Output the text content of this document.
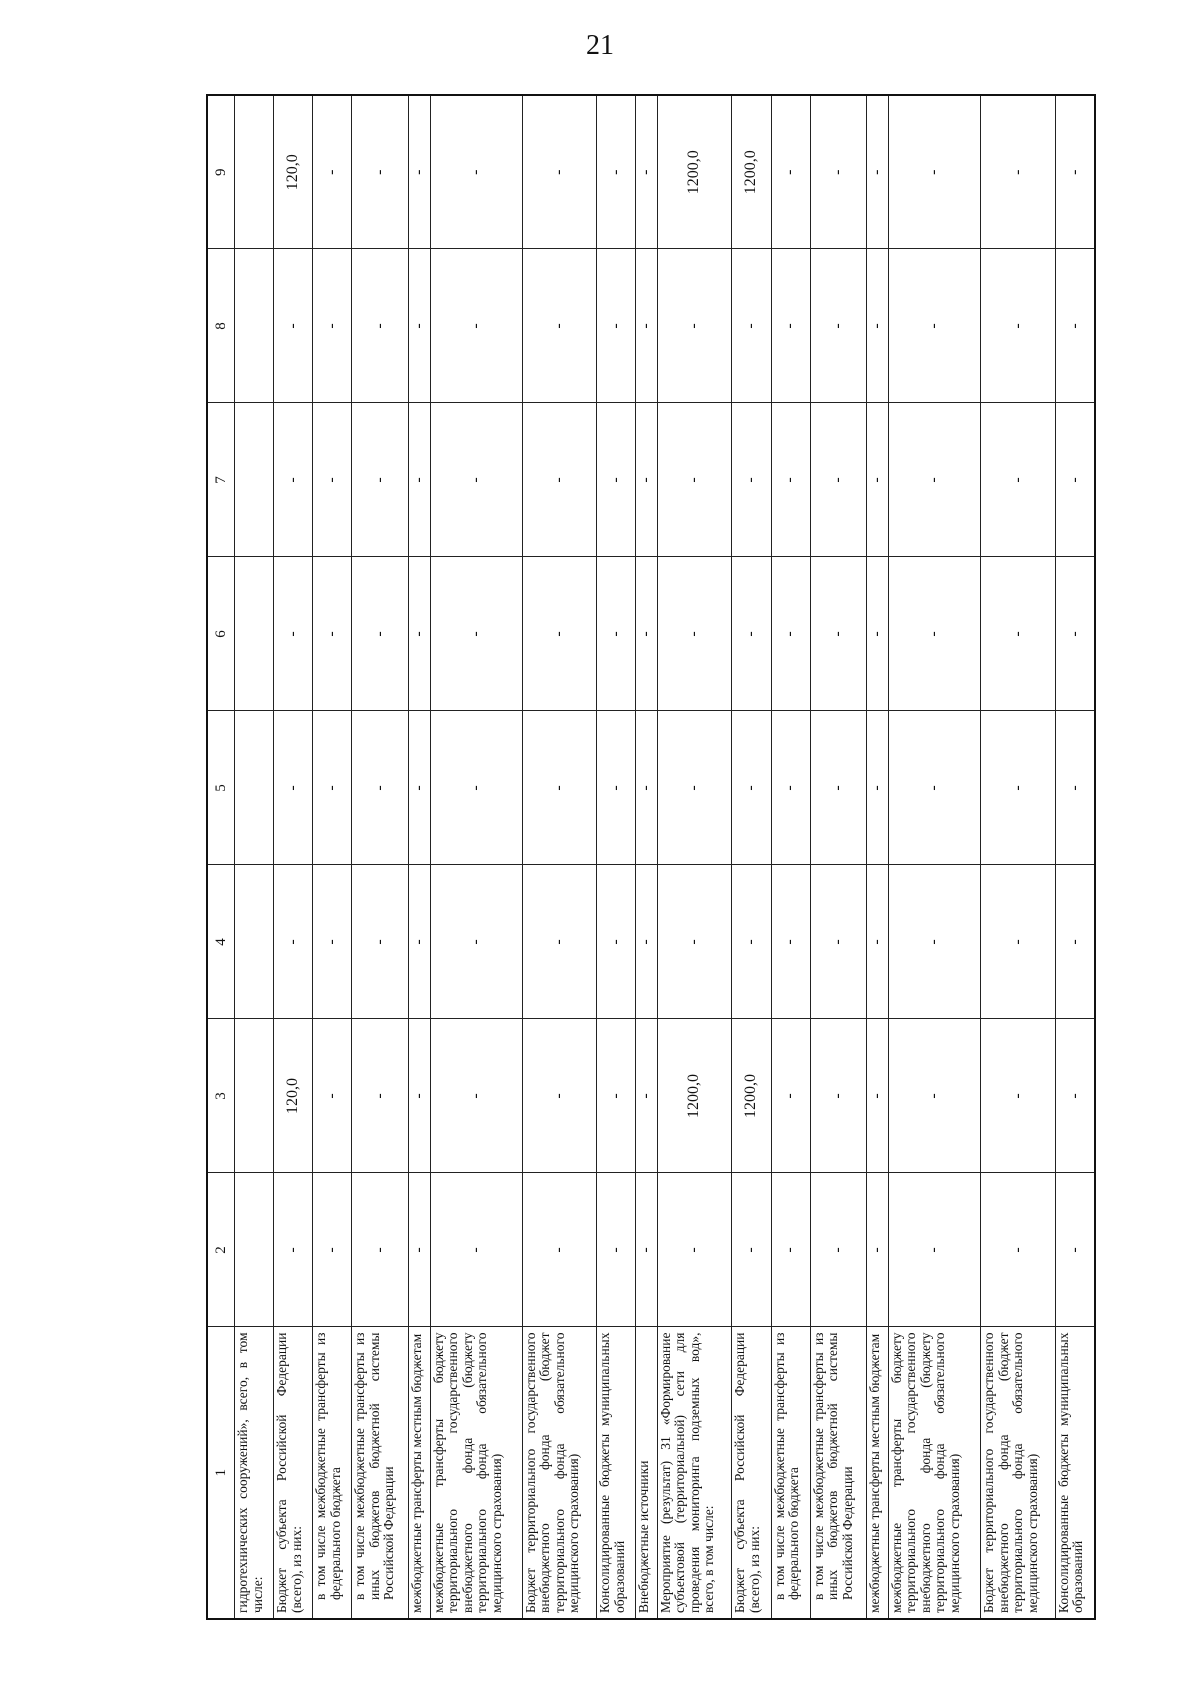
21
1	2	3	4	5	6	7	8	9
гидротехнических сооружений», всего, в том числе:								
Бюджет субъекта Российской Федерации (всего), из них:	-	120,0	-	-	-	-	-	120,0
в том числе межбюджетные трансферты из федерального бюджета	-	-	-	-	-	-	-	-
в том числе межбюджетные трансферты из иных бюджетов бюджетной системы Российской Федерации	-	-	-	-	-	-	-	-
межбюджетные трансферты местным бюджетам	-	-	-	-	-	-	-	-
межбюджетные трансферты бюджету территориального государственного внебюджетного фонда (бюджету территориального фонда обязательного медицинского страхования)	-	-	-	-	-	-	-	-
Бюджет территориального государственного внебюджетного фонда (бюджет территориального фонда обязательного медицинского страхования)	-	-	-	-	-	-	-	-
Консолидированные бюджеты муниципальных образований	-	-	-	-	-	-	-	-
Внебюджетные источники	-	-	-	-	-	-	-	-
Мероприятие (результат) 31 «Формирование субъектовой (территориальной) сети для проведения мониторинга подземных вод», всего, в том числе:	-	1200,0	-	-	-	-	-	1200,0
Бюджет субъекта Российской Федерации (всего), из них:	-	1200,0	-	-	-	-	-	1200,0
в том числе межбюджетные трансферты из федерального бюджета	-	-	-	-	-	-	-	-
в том числе межбюджетные трансферты из иных бюджетов бюджетной системы Российской Федерации	-	-	-	-	-	-	-	-
межбюджетные трансферты местным бюджетам	-	-	-	-	-	-	-	-
межбюджетные трансферты бюджету территориального государственного внебюджетного фонда (бюджету территориального фонда обязательного медицинского страхования)	-	-	-	-	-	-	-	-
Бюджет территориального государственного внебюджетного фонда (бюджет территориального фонда обязательного медицинского страхования)	-	-	-	-	-	-	-	-
Консолидированные бюджеты муниципальных образований	-	-	-	-	-	-	-	-
